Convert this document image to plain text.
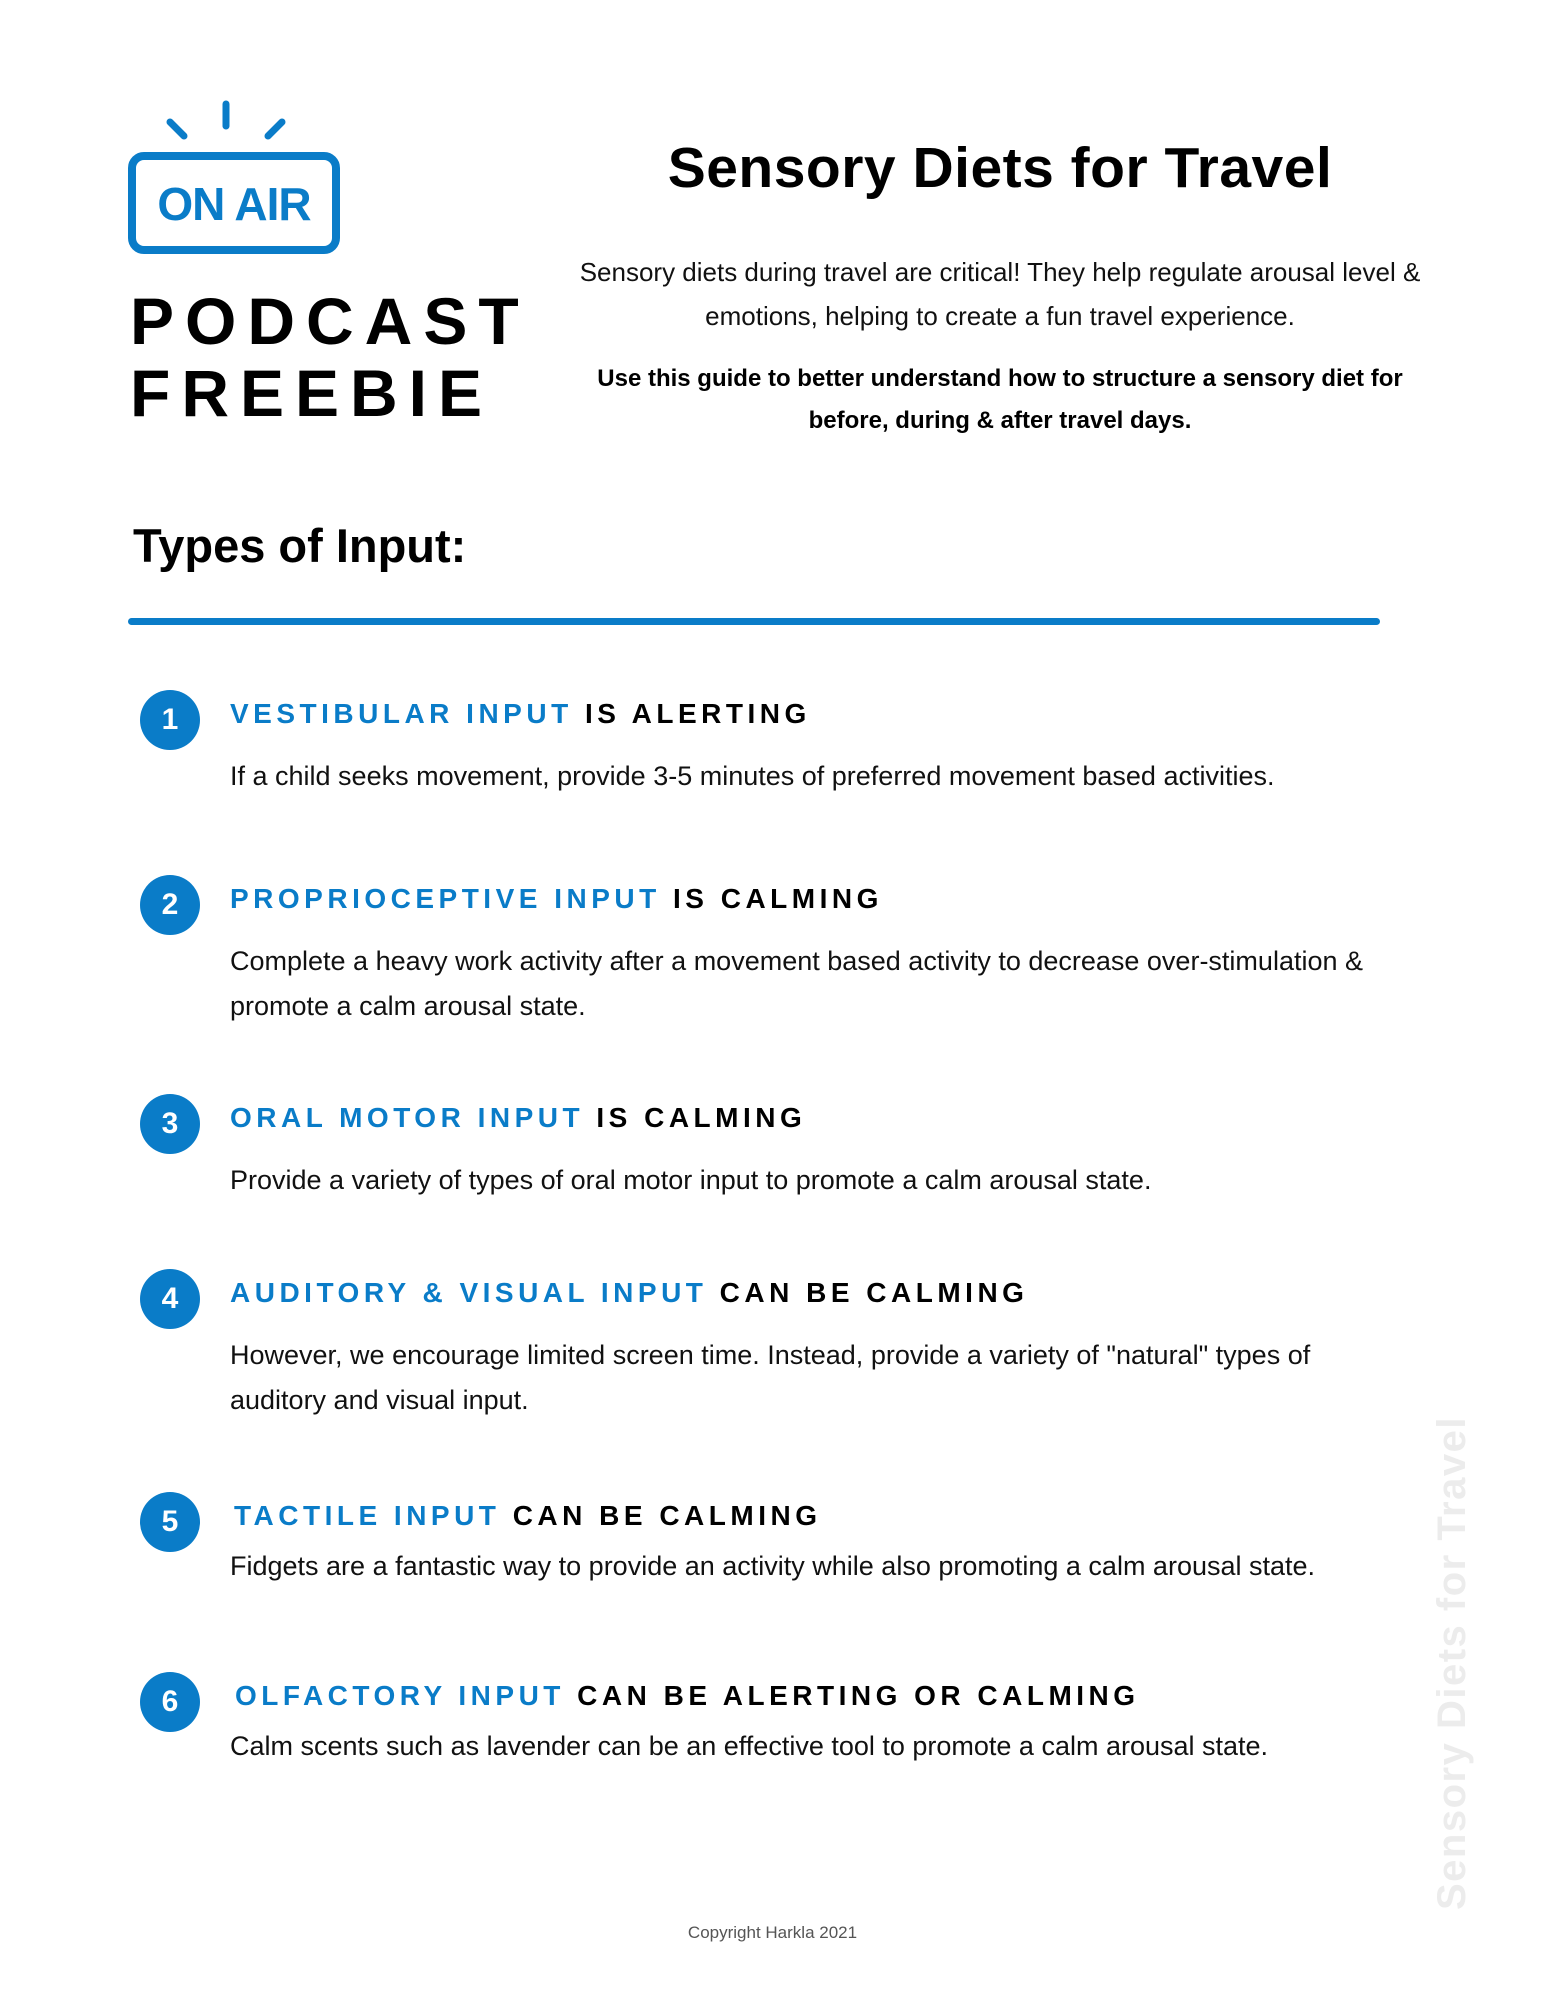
ON AIR
PODCAST
FREEBIE
Sensory Diets for Travel
Sensory diets during travel are critical! They help regulate arousal level & emotions, helping to create a fun travel experience.
Use this guide to better understand how to structure a sensory diet for before, during & after travel days.
Types of Input:
1	VESTIBULAR INPUT IS ALERTING
If a child seeks movement, provide 3-5 minutes of preferred movement based activities.
2	PROPRIOCEPTIVE INPUT IS CALMING
Complete a heavy work activity after a movement based activity to decrease over-stimulation & promote a calm arousal state.
3	ORAL MOTOR INPUT IS CALMING
Provide a variety of types of oral motor input to promote a calm arousal state.
4	AUDITORY & VISUAL INPUT CAN BE CALMING
However, we encourage limited screen time. Instead, provide a variety of "natural" types of auditory and visual input.
5	TACTILE INPUT CAN BE CALMING
Fidgets are a fantastic way to provide an activity while also promoting a calm arousal state.
6	OLFACTORY INPUT CAN BE ALERTING OR CALMING
Calm scents such as lavender can be an effective tool to promote a calm arousal state.	Sensory Diets for Travel
Copyright Harkla 2021
